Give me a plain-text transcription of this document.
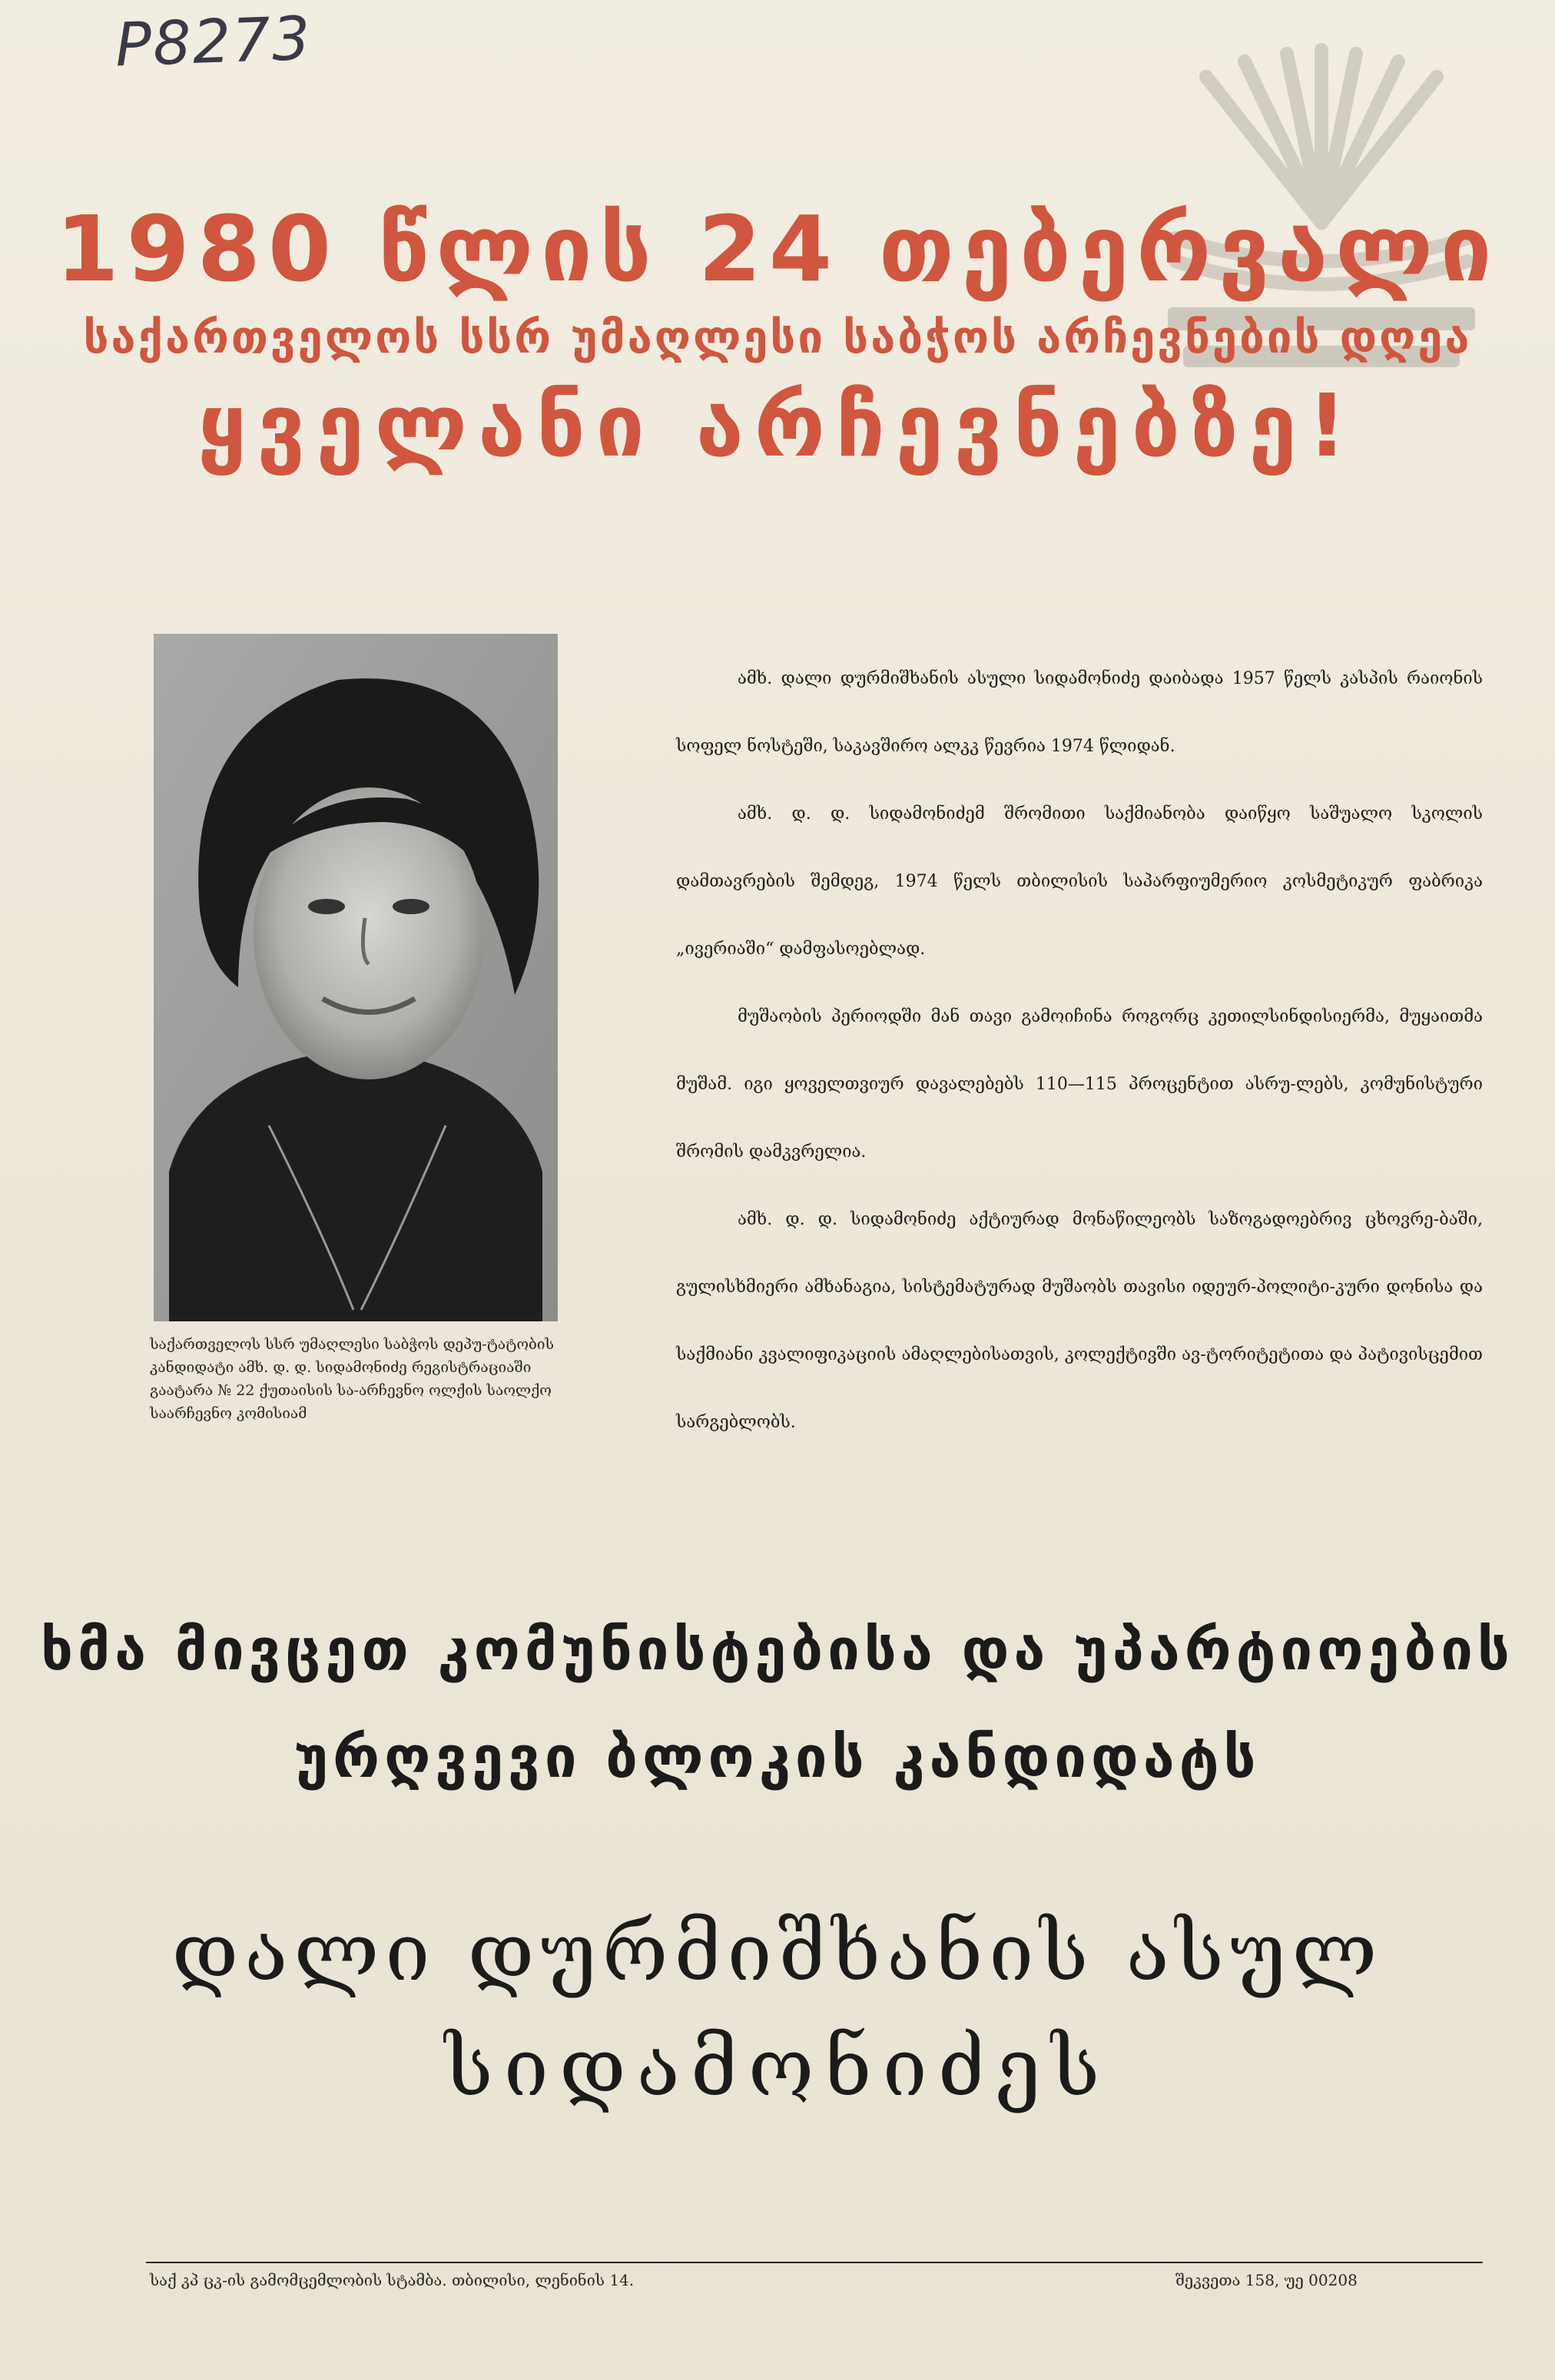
P8273
1980 წლის 24 თებერვალი
საქართველოს სსრ უმაღლესი საბჭოს არჩევნების დღეა
ყველანი არჩევნებზე!
საქართველოს სსრ უმაღლესი საბჭოს დეპუ-ტატობის კანდიდატი ამხ. დ. დ. სიდამონიძე რეგისტრაციაში გაატარა № 22 ქუთაისის სა-არჩევნო ოლქის საოლქო საარჩევნო კომისიამ

ამხ. დალი დურმიშხანის ასული სიდამონიძე დაიბადა 1957 წელს კასპის რაიონის სოფელ ნოსტეში, საკავშირო ალკკ წევრია 1974 წლიდან.

ამხ. დ. დ. სიდამონიძემ შრომითი საქმიანობა დაიწყო საშუალო სკოლის დამთავრების შემდეგ, 1974 წელს თბილისის საპარფიუმერიო კოსმეტიკურ ფაბრიკა „ივერიაში“ დამფასოებლად.

მუშაობის პერიოდში მან თავი გამოიჩინა როგორც კეთილსინდისიერმა, მუყაითმა მუშამ. იგი ყოველთვიურ დავალებებს 110—115 პროცენტით ასრუ-ლებს, კომუნისტური შრომის დამკვრელია.

ამხ. დ. დ. სიდამონიძე აქტიურად მონაწილეობს საზოგადოებრივ ცხოვრე-ბაში, გულისხმიერი ამხანაგია, სისტემატურად მუშაობს თავისი იდეურ-პოლიტი-კური დონისა და საქმიანი კვალიფიკაციის ამაღლებისათვის, კოლექტივში ავ-ტორიტეტითა და პატივისცემით სარგებლობს.

ხმა მივცეთ კომუნისტებისა და უპარტიოების
ურღვევი ბლოკის კანდიდატს
დალი დურმიშხანის ასულ
სიდამონიძეს
საქ კპ ცკ-ის გამომცემლობის სტამბა. თბილისი, ლენინის 14.	შეკვეთა 158, უე 00208
